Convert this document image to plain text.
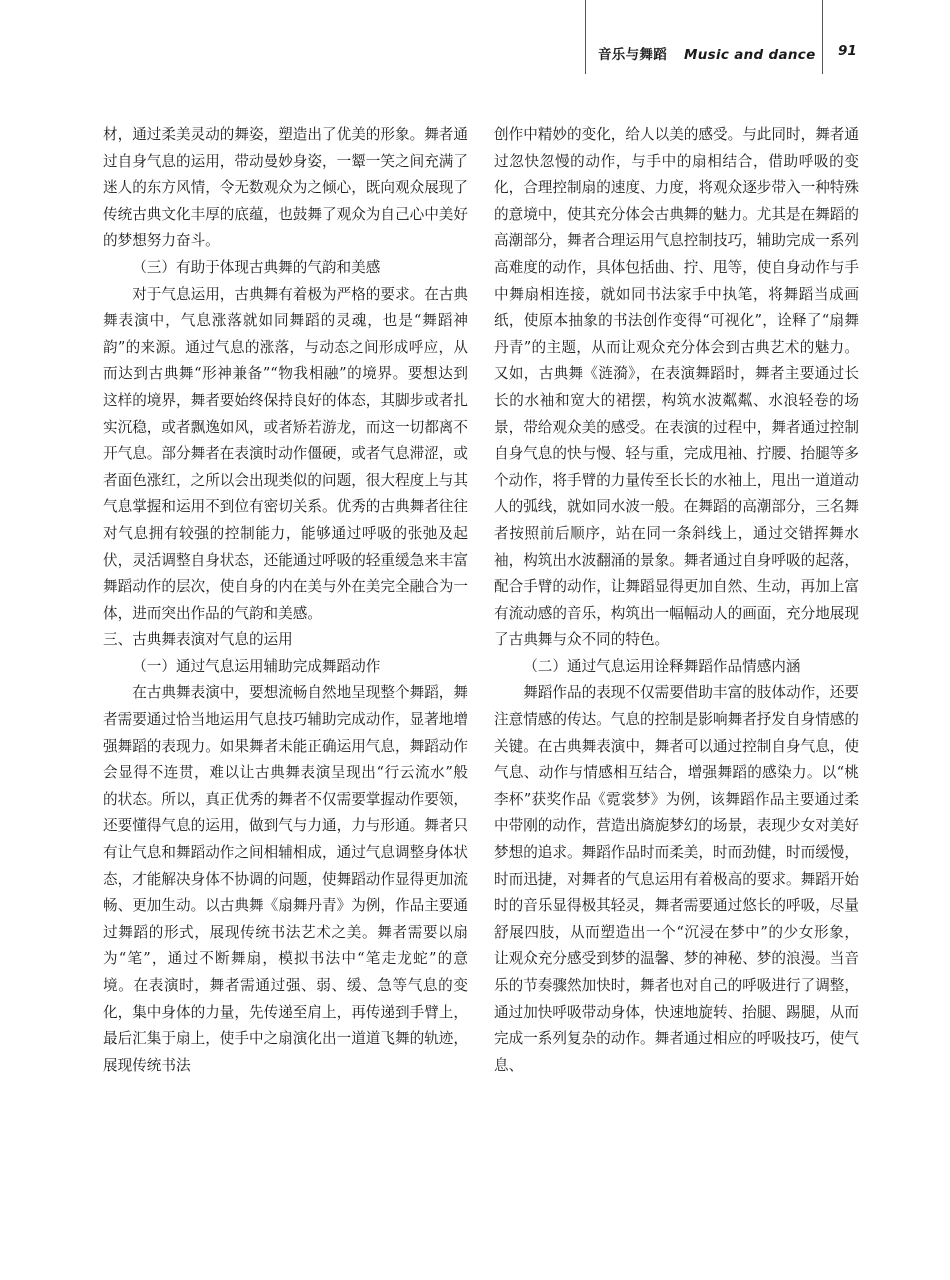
音乐与舞蹈 Music and dance 91

材，通过柔美灵动的舞姿，塑造出了优美的形象。舞者通过自身气息的运用，带动曼妙身姿，一颦一笑之间充满了迷人的东方风情，令无数观众为之倾心，既向观众展现了传统古典文化丰厚的底蕴，也鼓舞了观众为自己心中美好的梦想努力奋斗。

（三）有助于体现古典舞的气韵和美感

对于气息运用，古典舞有着极为严格的要求。在古典舞表演中，气息涨落就如同舞蹈的灵魂，也是“舞蹈神韵”的来源。通过气息的涨落，与动态之间形成呼应，从而达到古典舞“形神兼备”“物我相融”的境界。要想达到这样的境界，舞者要始终保持良好的体态，其脚步或者扎实沉稳，或者飘逸如风，或者矫若游龙，而这一切都离不开气息。部分舞者在表演时动作僵硬，或者气息滞涩，或者面色涨红，之所以会出现类似的问题，很大程度上与其气息掌握和运用不到位有密切关系。优秀的古典舞者往往对气息拥有较强的控制能力，能够通过呼吸的张弛及起伏，灵活调整自身状态，还能通过呼吸的轻重缓急来丰富舞蹈动作的层次，使自身的内在美与外在美完全融合为一体，进而突出作品的气韵和美感。

三、古典舞表演对气息的运用

（一）通过气息运用辅助完成舞蹈动作

在古典舞表演中，要想流畅自然地呈现整个舞蹈，舞者需要通过恰当地运用气息技巧辅助完成动作，显著地增强舞蹈的表现力。如果舞者未能正确运用气息，舞蹈动作会显得不连贯，难以让古典舞表演呈现出“行云流水”般的状态。所以，真正优秀的舞者不仅需要掌握动作要领，还要懂得气息的运用，做到气与力通，力与形通。舞者只有让气息和舞蹈动作之间相辅相成，通过气息调整身体状态，才能解决身体不协调的问题，使舞蹈动作显得更加流畅、更加生动。以古典舞《扇舞丹青》为例，作品主要通过舞蹈的形式，展现传统书法艺术之美。舞者需要以扇为“笔”，通过不断舞扇，模拟书法中“笔走龙蛇”的意境。在表演时，舞者需通过强、弱、缓、急等气息的变化，集中身体的力量，先传递至肩上，再传递到手臂上，最后汇集于扇上，使手中之扇演化出一道道飞舞的轨迹，展现传统书法

创作中精妙的变化，给人以美的感受。与此同时，舞者通过忽快忽慢的动作，与手中的扇相结合，借助呼吸的变化，合理控制扇的速度、力度，将观众逐步带入一种特殊的意境中，使其充分体会古典舞的魅力。尤其是在舞蹈的高潮部分，舞者合理运用气息控制技巧，辅助完成一系列高难度的动作，具体包括曲、拧、甩等，使自身动作与手中舞扇相连接，就如同书法家手中执笔，将舞蹈当成画纸，使原本抽象的书法创作变得“可视化”，诠释了“扇舞丹青”的主题，从而让观众充分体会到古典艺术的魅力。又如，古典舞《涟漪》，在表演舞蹈时，舞者主要通过长长的水袖和宽大的裙摆，构筑水波粼粼、水浪轻卷的场景，带给观众美的感受。在表演的过程中，舞者通过控制自身气息的快与慢、轻与重，完成甩袖、拧腰、抬腿等多个动作，将手臂的力量传至长长的水袖上，甩出一道道动人的弧线，就如同水波一般。在舞蹈的高潮部分，三名舞者按照前后顺序，站在同一条斜线上，通过交错挥舞水袖，构筑出水波翻涌的景象。舞者通过自身呼吸的起落，配合手臂的动作，让舞蹈显得更加自然、生动，再加上富有流动感的音乐，构筑出一幅幅动人的画面，充分地展现了古典舞与众不同的特色。

（二）通过气息运用诠释舞蹈作品情感内涵

舞蹈作品的表现不仅需要借助丰富的肢体动作，还要注意情感的传达。气息的控制是影响舞者抒发自身情感的关键。在古典舞表演中，舞者可以通过控制自身气息，使气息、动作与情感相互结合，增强舞蹈的感染力。以“桃李杯”获奖作品《霓裳梦》为例，该舞蹈作品主要通过柔中带刚的动作，营造出旖旎梦幻的场景，表现少女对美好梦想的追求。舞蹈作品时而柔美，时而劲健，时而缓慢，时而迅捷，对舞者的气息运用有着极高的要求。舞蹈开始时的音乐显得极其轻灵，舞者需要通过悠长的呼吸，尽量舒展四肢，从而塑造出一个“沉浸在梦中”的少女形象，让观众充分感受到梦的温馨、梦的神秘、梦的浪漫。当音乐的节奏骤然加快时，舞者也对自己的呼吸进行了调整，通过加快呼吸带动身体，快速地旋转、抬腿、踢腿，从而完成一系列复杂的动作。舞者通过相应的呼吸技巧，使气息、
